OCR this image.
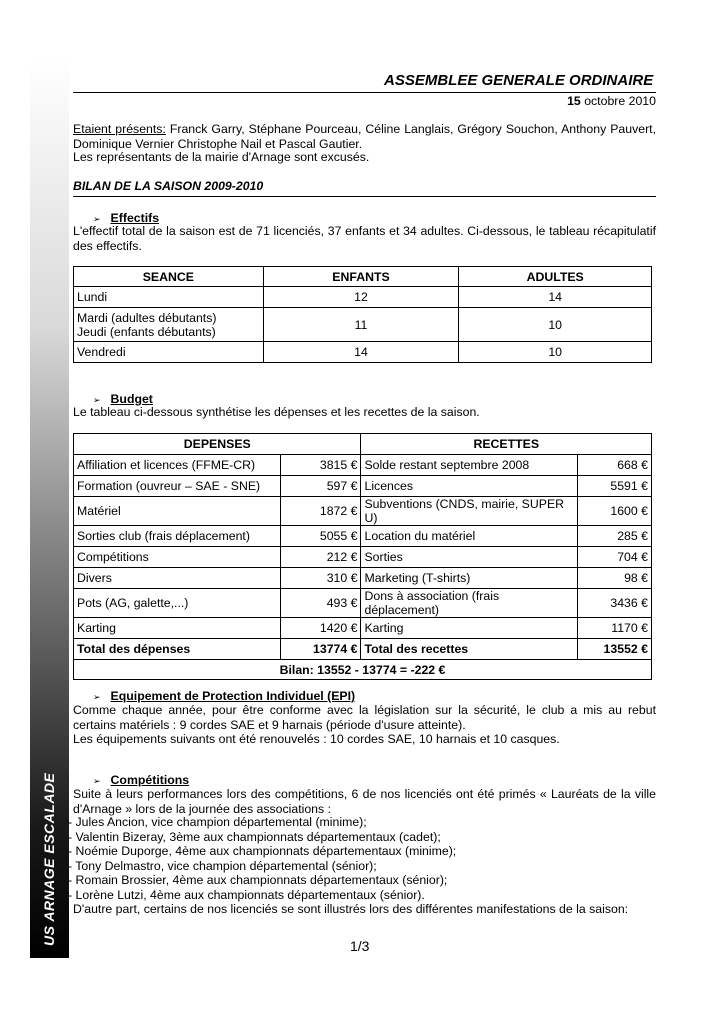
US ARNAGE ESCALADE
ASSEMBLEE GENERALE ORDINAIRE
15 octobre 2010
Etaient présents: Franck Garry, Stéphane Pourceau, Céline Langlais, Grégory Souchon, Anthony Pauvert, Dominique Vernier Christophe Nail et Pascal Gautier.
Les représentants de la mairie d'Arnage sont excusés.
BILAN DE LA SAISON 2009-2010
➢ Effectifs
L'effectif total de la saison est de 71 licenciés, 37 enfants et 34 adultes. Ci-dessous, le tableau récapitulatif des effectifs.
SEANCE	ENFANTS	ADULTES
Lundi	12	14

Mardi (adultes débutants)
Jeudi (enfants débutants)	11	10
Vendredi	14	10
➢ Budget
Le tableau ci-dessous synthétise les dépenses et les recettes de la saison.
DEPENSES		RECETTES	
Affiliation et licences (FFME-CR)	3815 €	Solde restant septembre 2008	668 €
Formation (ouvreur – SAE - SNE)	597 €	Licences	5591 €
Matériel	1872 €	Subventions (CNDS, mairie, SUPER U)	1600 €
Sorties club (frais déplacement)	5055 €	Location du matériel	285 €
Compétitions	212 €	Sorties	704 €
Divers	310 €	Marketing (T-shirts)	98 €
Pots (AG, galette,...)	493 €	Dons à association (frais déplacement)	3436 €
Karting	1420 €	Karting	1170 €
Total des dépenses	13774 €	Total des recettes	13552 €
Bilan: 13552 - 13774 = -222 €			
➢ Equipement de Protection Individuel (EPI)
Comme chaque année, pour être conforme avec la législation sur la sécurité, le club a mis au rebut certains matériels : 9 cordes SAE et 9 harnais (période d'usure atteinte).
Les équipements suivants ont été renouvelés : 10 cordes SAE, 10 harnais et 10 casques.
➢ Compétitions
Suite à leurs performances lors des compétitions, 6 de nos licenciés ont été primés « Lauréats de la ville d'Arnage » lors de la journée des associations :
- Jules Ancion, vice champion départemental (minime);
- Valentin Bizeray, 3ème aux championnats départementaux (cadet);
- Noémie Duporge, 4ème aux championnats départementaux (minime);
- Tony Delmastro, vice champion départemental (sénior);
- Romain Brossier, 4ème aux championnats départementaux (sénior);
- Lorène Lutzi, 4ème aux championnats départementaux (sénior).
D'autre part, certains de nos licenciés se sont illustrés lors des différentes manifestations de la saison:
1/3
